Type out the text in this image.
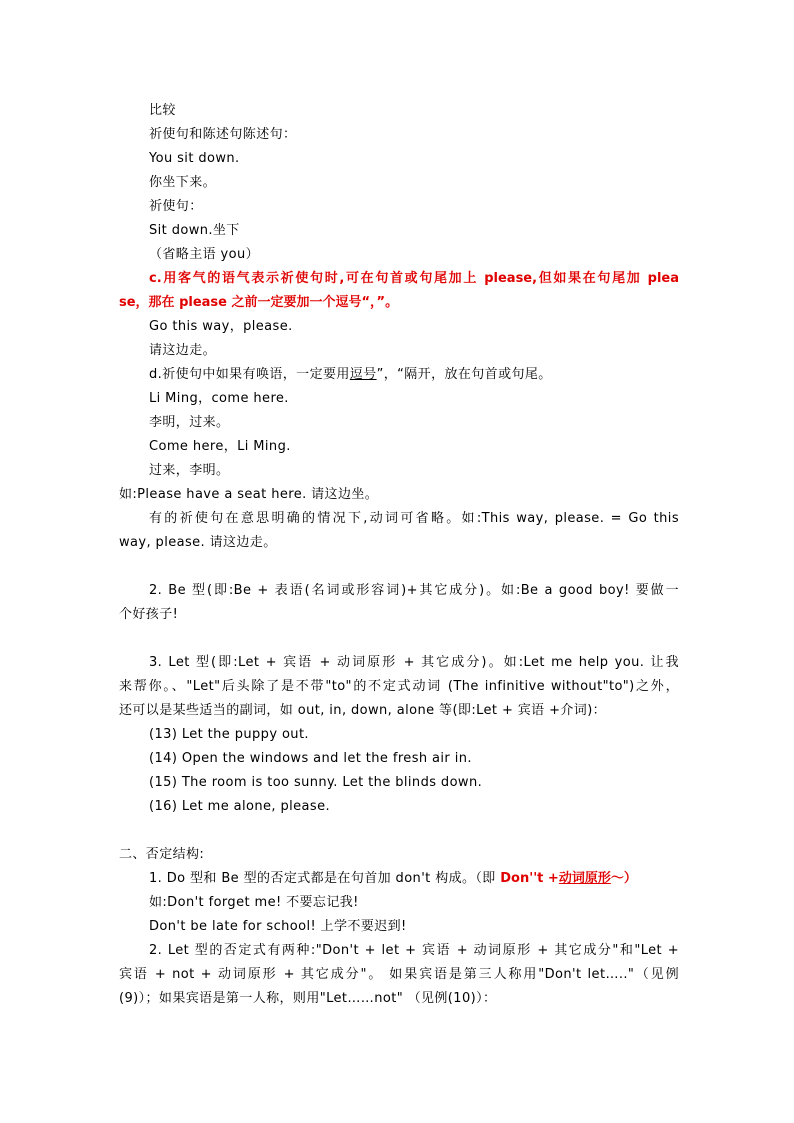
比较
祈使句和陈述句陈述句：
You sit down.
你坐下来。
祈使句：
Sit down.坐下
（省略主语 you）
c.用客气的语气表示祈使句时,可在句首或句尾加上 please,但如果在句尾加 plea
se，那在 please 之前一定要加一个逗号“，”。
Go this way，please.
请这边走。
d.祈使句中如果有唤语，一定要用逗号”，“隔开，放在句首或句尾。
Li Ming，come here.
李明，过来。
Come here，Li Ming.
过来，李明。
如:Please have a seat here. 请这边坐。
有的祈使句在意思明确的情况下,动词可省略。如:This way, please. = Go this
way, please. 请这边走。
2. Be 型(即:Be + 表语(名词或形容词)+其它成分)。如:Be a good boy! 要做一
个好孩子!
3. Let 型(即:Let + 宾语 + 动词原形 + 其它成分)。如:Let me help you. 让我
来帮你。、"Let"后头除了是不带"to"的不定式动词 (The infinitive without"to")之外，
还可以是某些适当的副词，如 out, in, down, alone 等(即:Let + 宾语 +介词)：
(13) Let the puppy out.
(14) Open the windows and let the fresh air in.
(15) The room is too sunny. Let the blinds down.
(16) Let me alone, please.
二、否定结构:
1. Do 型和 Be 型的否定式都是在句首加 don't 构成。（即 Don''t +动词原形～）
如:Don't forget me! 不要忘记我!
Don't be late for school! 上学不要迟到!
2. Let 型的否定式有两种:"Don't + let + 宾语 + 动词原形 + 其它成分"和"Let +
宾语 + not + 动词原形 + 其它成分"。 如果宾语是第三人称用"Don't let….."（见例
(9)）；如果宾语是第一人称，则用"Let……not" （见例(10)）：
